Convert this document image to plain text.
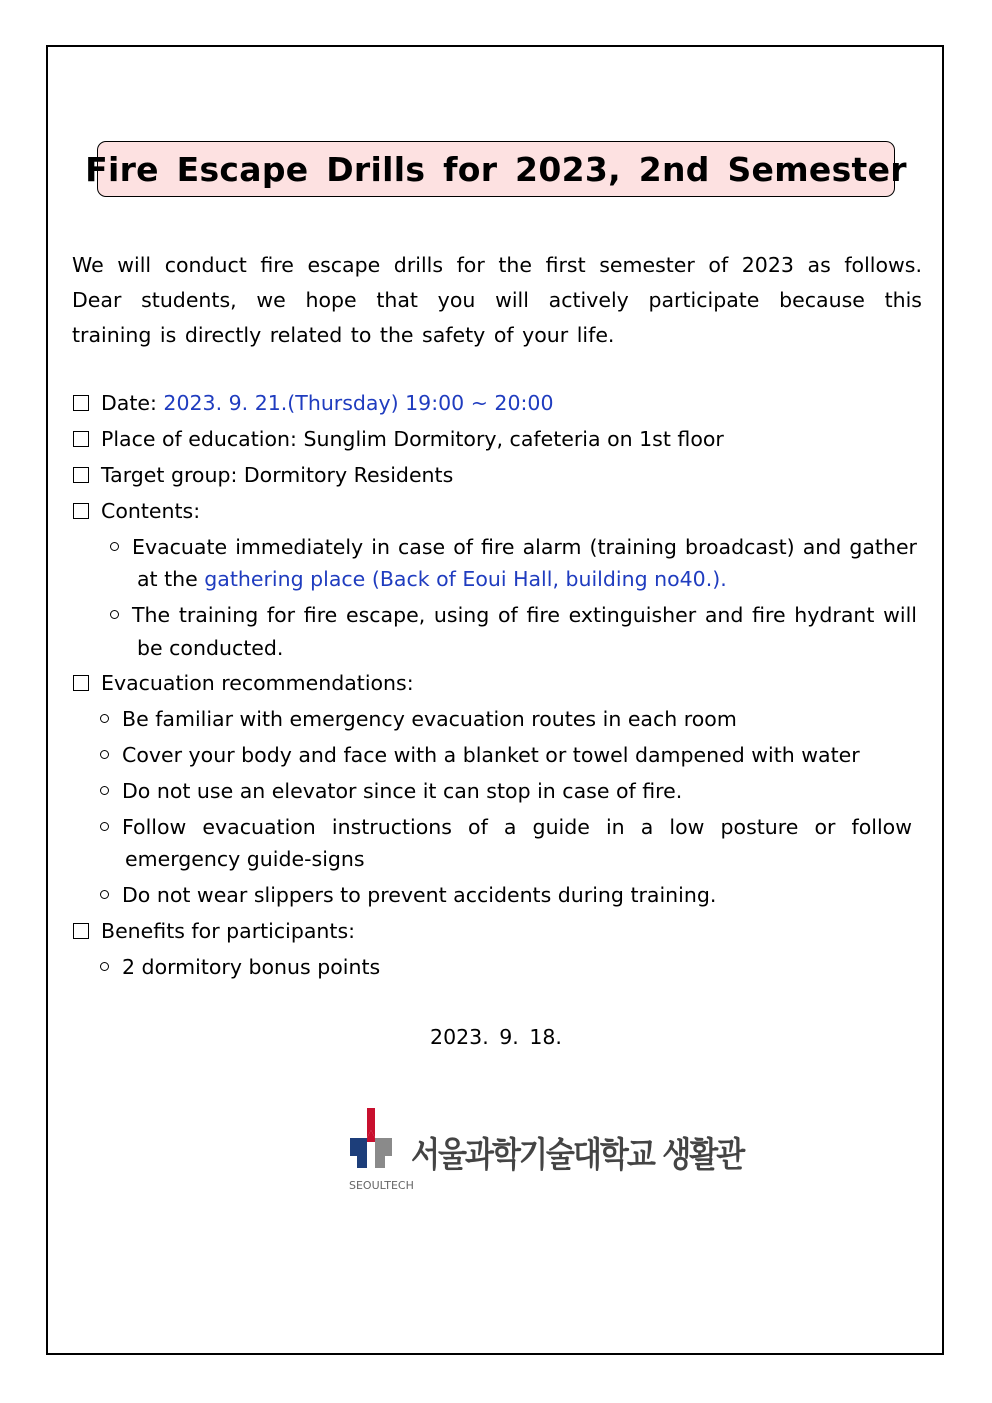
Fire Escape Drills for 2023, 2nd Semester
We will conduct fire escape drills for the first semester of 2023 as follows.
Dear students, we hope that you will actively participate because this
training is directly related to the safety of your life.
Date: 2023. 9. 21.(Thursday) 19:00 ~ 20:00
Place of education: Sunglim Dormitory, cafeteria on 1st floor
Target group: Dormitory Residents
Contents:
Evacuate immediately in case of fire alarm (training broadcast) and gather
at the gathering place (Back of Eoui Hall, building no40.).
The training for fire escape, using of fire extinguisher and fire hydrant will
be conducted.
Evacuation recommendations:
Be familiar with emergency evacuation routes in each room
Cover your body and face with a blanket or towel dampened with water
Do not use an elevator since it can stop in case of fire.
Follow evacuation instructions of a guide in a low posture or follow
emergency guide-signs
Do not wear slippers to prevent accidents during training.
Benefits for participants:
2 dormitory bonus points
2023. 9. 18.
서울과학기술대학교 생활관
SEOULTECH
